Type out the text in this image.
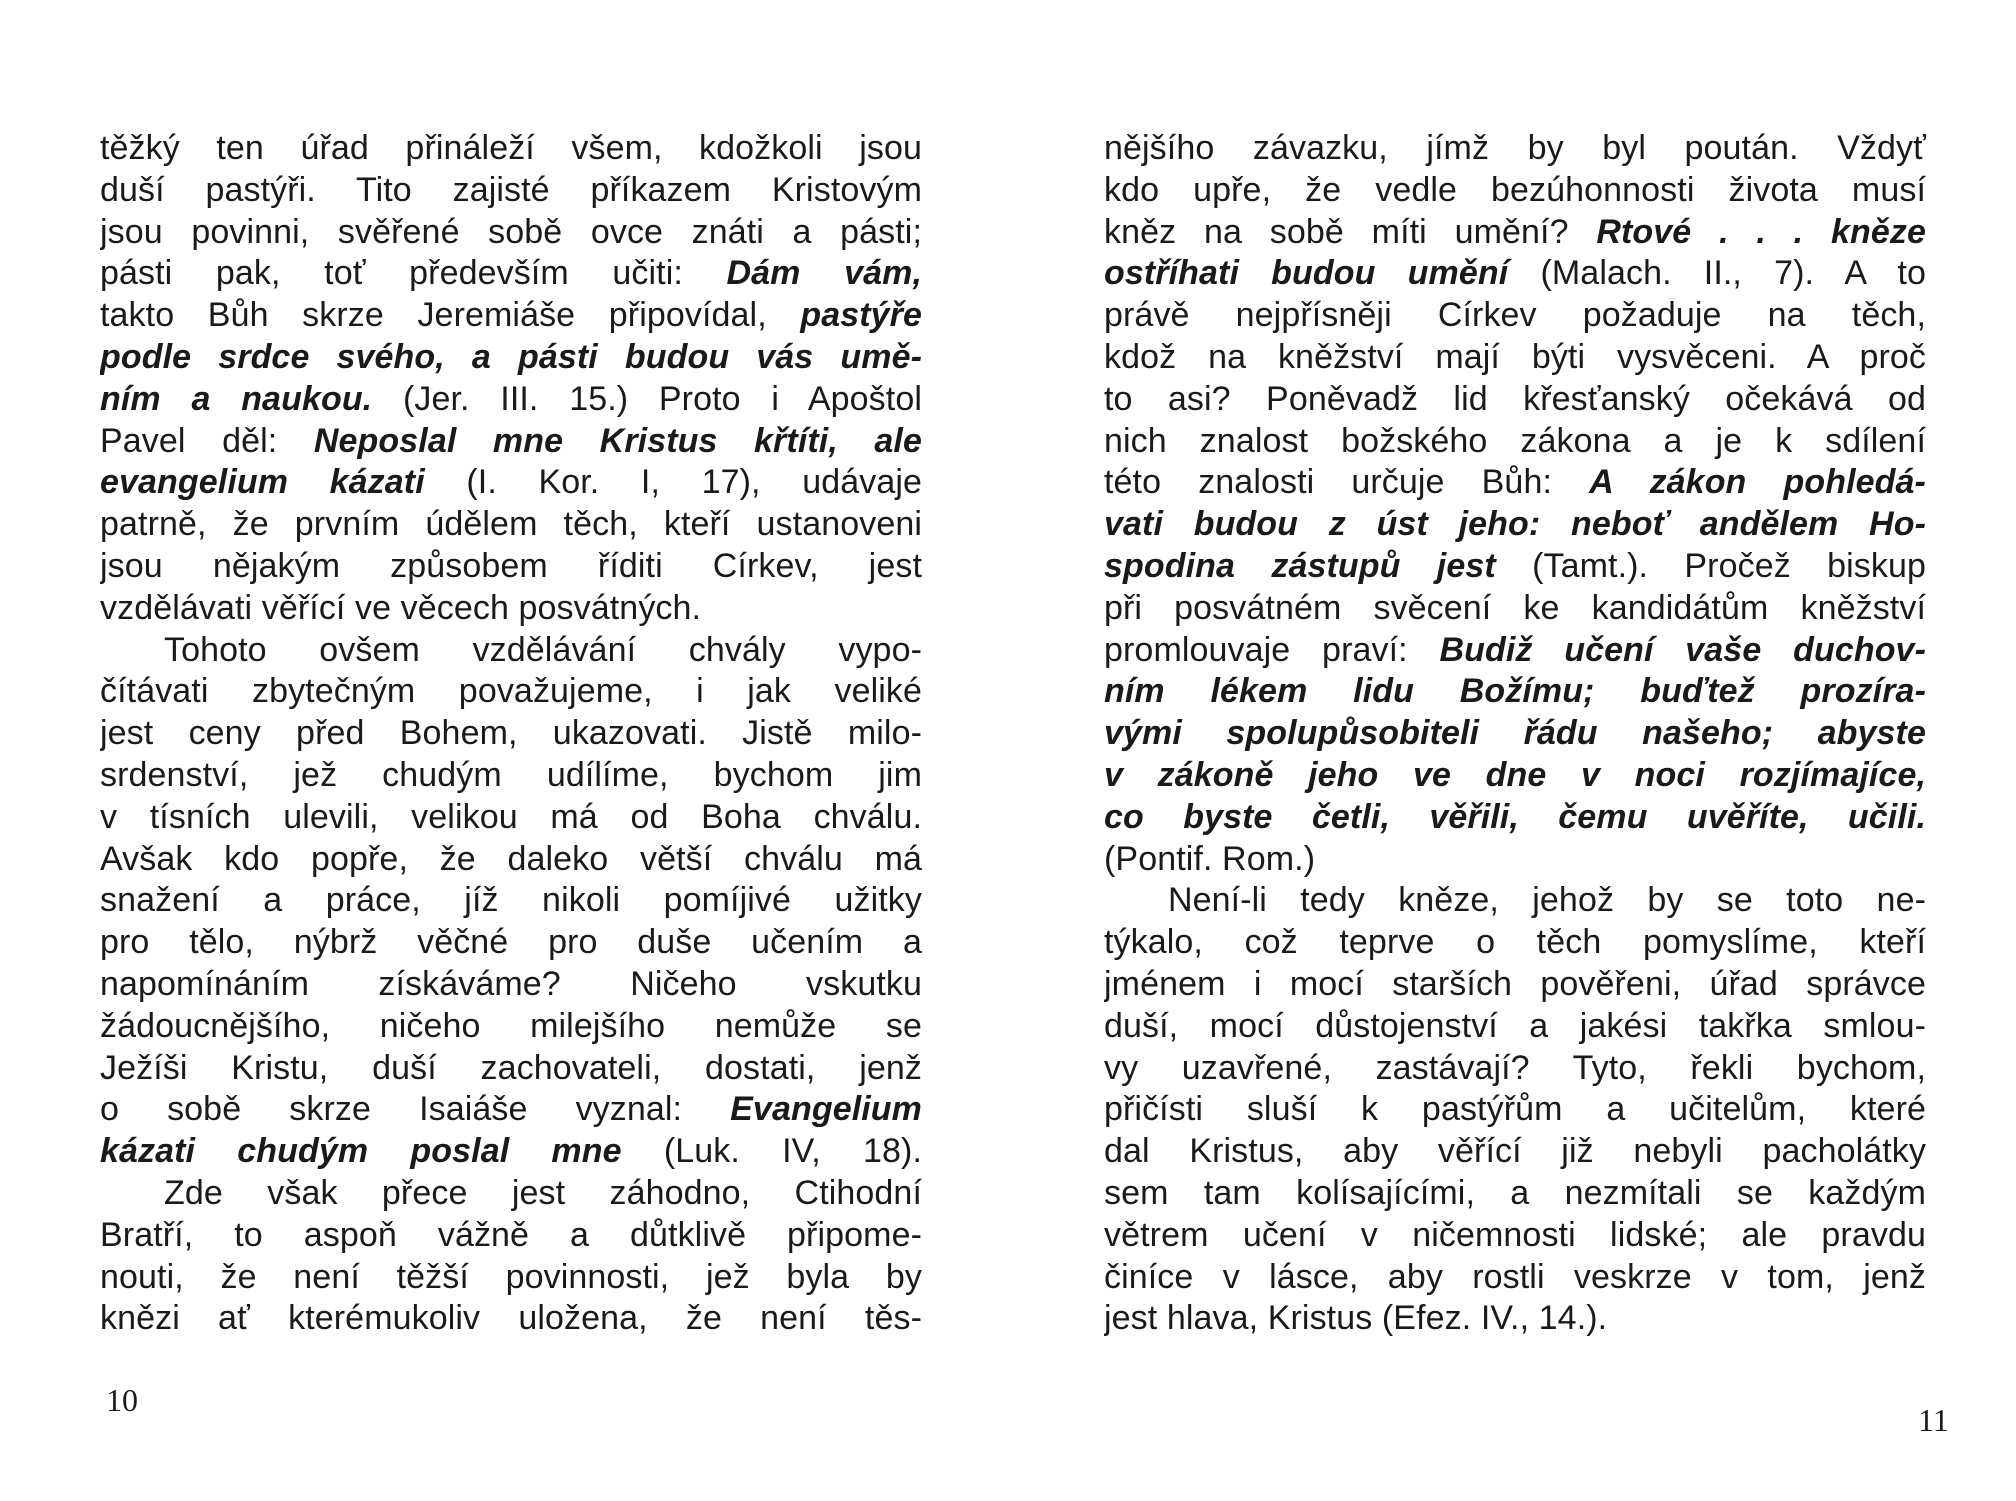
těžký ten úřad přináleží všem, kdožkoli jsou
duší pastýři. Tito zajisté příkazem Kristovým
jsou povinni, svěřené sobě ovce znáti a pásti;
pásti pak, toť především učiti: Dám vám,
takto Bůh skrze Jeremiáše připovídal, pastýře
podle srdce svého, a pásti budou vás umě-
ním a naukou. (Jer. III. 15.) Proto i Apoštol
Pavel děl: Neposlal mne Kristus křtíti, ale
evangelium kázati (I. Kor. I, 17), udávaje
patrně, že prvním údělem těch, kteří ustanoveni
jsou nějakým způsobem říditi Církev, jest
vzdělávati věřící ve věcech posvátných.
Tohoto ovšem vzdělávání chvály vypo-
čítávati zbytečným považujeme, i jak veliké
jest ceny před Bohem, ukazovati. Jistě milo-
srdenství, jež chudým udílíme, bychom jim
v tísních ulevili, velikou má od Boha chválu.
Avšak kdo popře, že daleko větší chválu má
snažení a práce, jíž nikoli pomíjivé užitky
pro tělo, nýbrž věčné pro duše učením a
napomínáním získáváme? Ničeho vskutku
žádoucnějšího, ničeho milejšího nemůže se
Ježíši Kristu, duší zachovateli, dostati, jenž
o sobě skrze Isaiáše vyznal: Evangelium
kázati chudým poslal mne (Luk. IV, 18).
Zde však přece jest záhodno, Ctihodní
Bratří, to aspoň vážně a důtklivě připome-
nouti, že není těžší povinnosti, jež byla by
knězi ať kterémukoliv uložena, že není těs-
10
nějšího závazku, jímž by byl poután. Vždyť
kdo upře, že vedle bezúhonnosti života musí
kněz na sobě míti umění? Rtové . . . kněze
ostříhati budou umění (Malach. II., 7). A to
právě nejpřísněji Církev požaduje na těch,
kdož na kněžství mají býti vysvěceni. A proč
to asi? Poněvadž lid křesťanský očekává od
nich znalost božského zákona a je k sdílení
této znalosti určuje Bůh: A zákon pohledá-
vati budou z úst jeho: neboť andělem Ho-
spodina zástupů jest (Tamt.). Pročež biskup
při posvátném svěcení ke kandidátům kněžství
promlouvaje praví: Budiž učení vaše duchov-
ním lékem lidu Božímu; buďtež prozíra-
vými spolupůsobiteli řádu našeho; abyste
v zákoně jeho ve dne v noci rozjímajíce,
co byste četli, věřili, čemu uvěříte, učili.
(Pontif. Rom.)
Není-li tedy kněze, jehož by se toto ne-
týkalo, což teprve o těch pomyslíme, kteří
jménem i mocí starších pověřeni, úřad správce
duší, mocí důstojenství a jakési takřka smlou-
vy uzavřené, zastávají? Tyto, řekli bychom,
přičísti sluší k pastýřům a učitelům, které
dal Kristus, aby věřící již nebyli pacholátky
sem tam kolísajícími, a nezmítali se každým
větrem učení v ničemnosti lidské; ale pravdu
činíce v lásce, aby rostli veskrze v tom, jenž
jest hlava, Kristus (Efez. IV., 14.).
11
